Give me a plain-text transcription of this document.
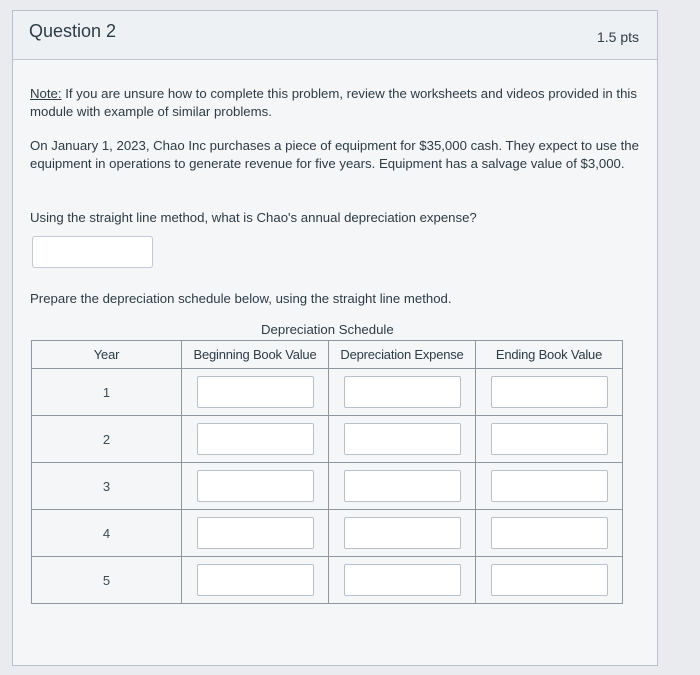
Question 2	1.5 pts

Note: If you are unsure how to complete this problem, review the worksheets and videos provided in this module with example of similar problems.

On January 1, 2023, Chao Inc purchases a piece of equipment for $35,000 cash. They expect to use the equipment in operations to generate revenue for five years. Equipment has a salvage value of $3,000.

Using the straight line method, what is Chao's annual depreciation expense?

Prepare the depreciation schedule below, using the straight line method.
Depreciation Schedule
Year	Beginning Book Value	Depreciation Expense	Ending Book Value
1	

2	

3	

4	

5	
